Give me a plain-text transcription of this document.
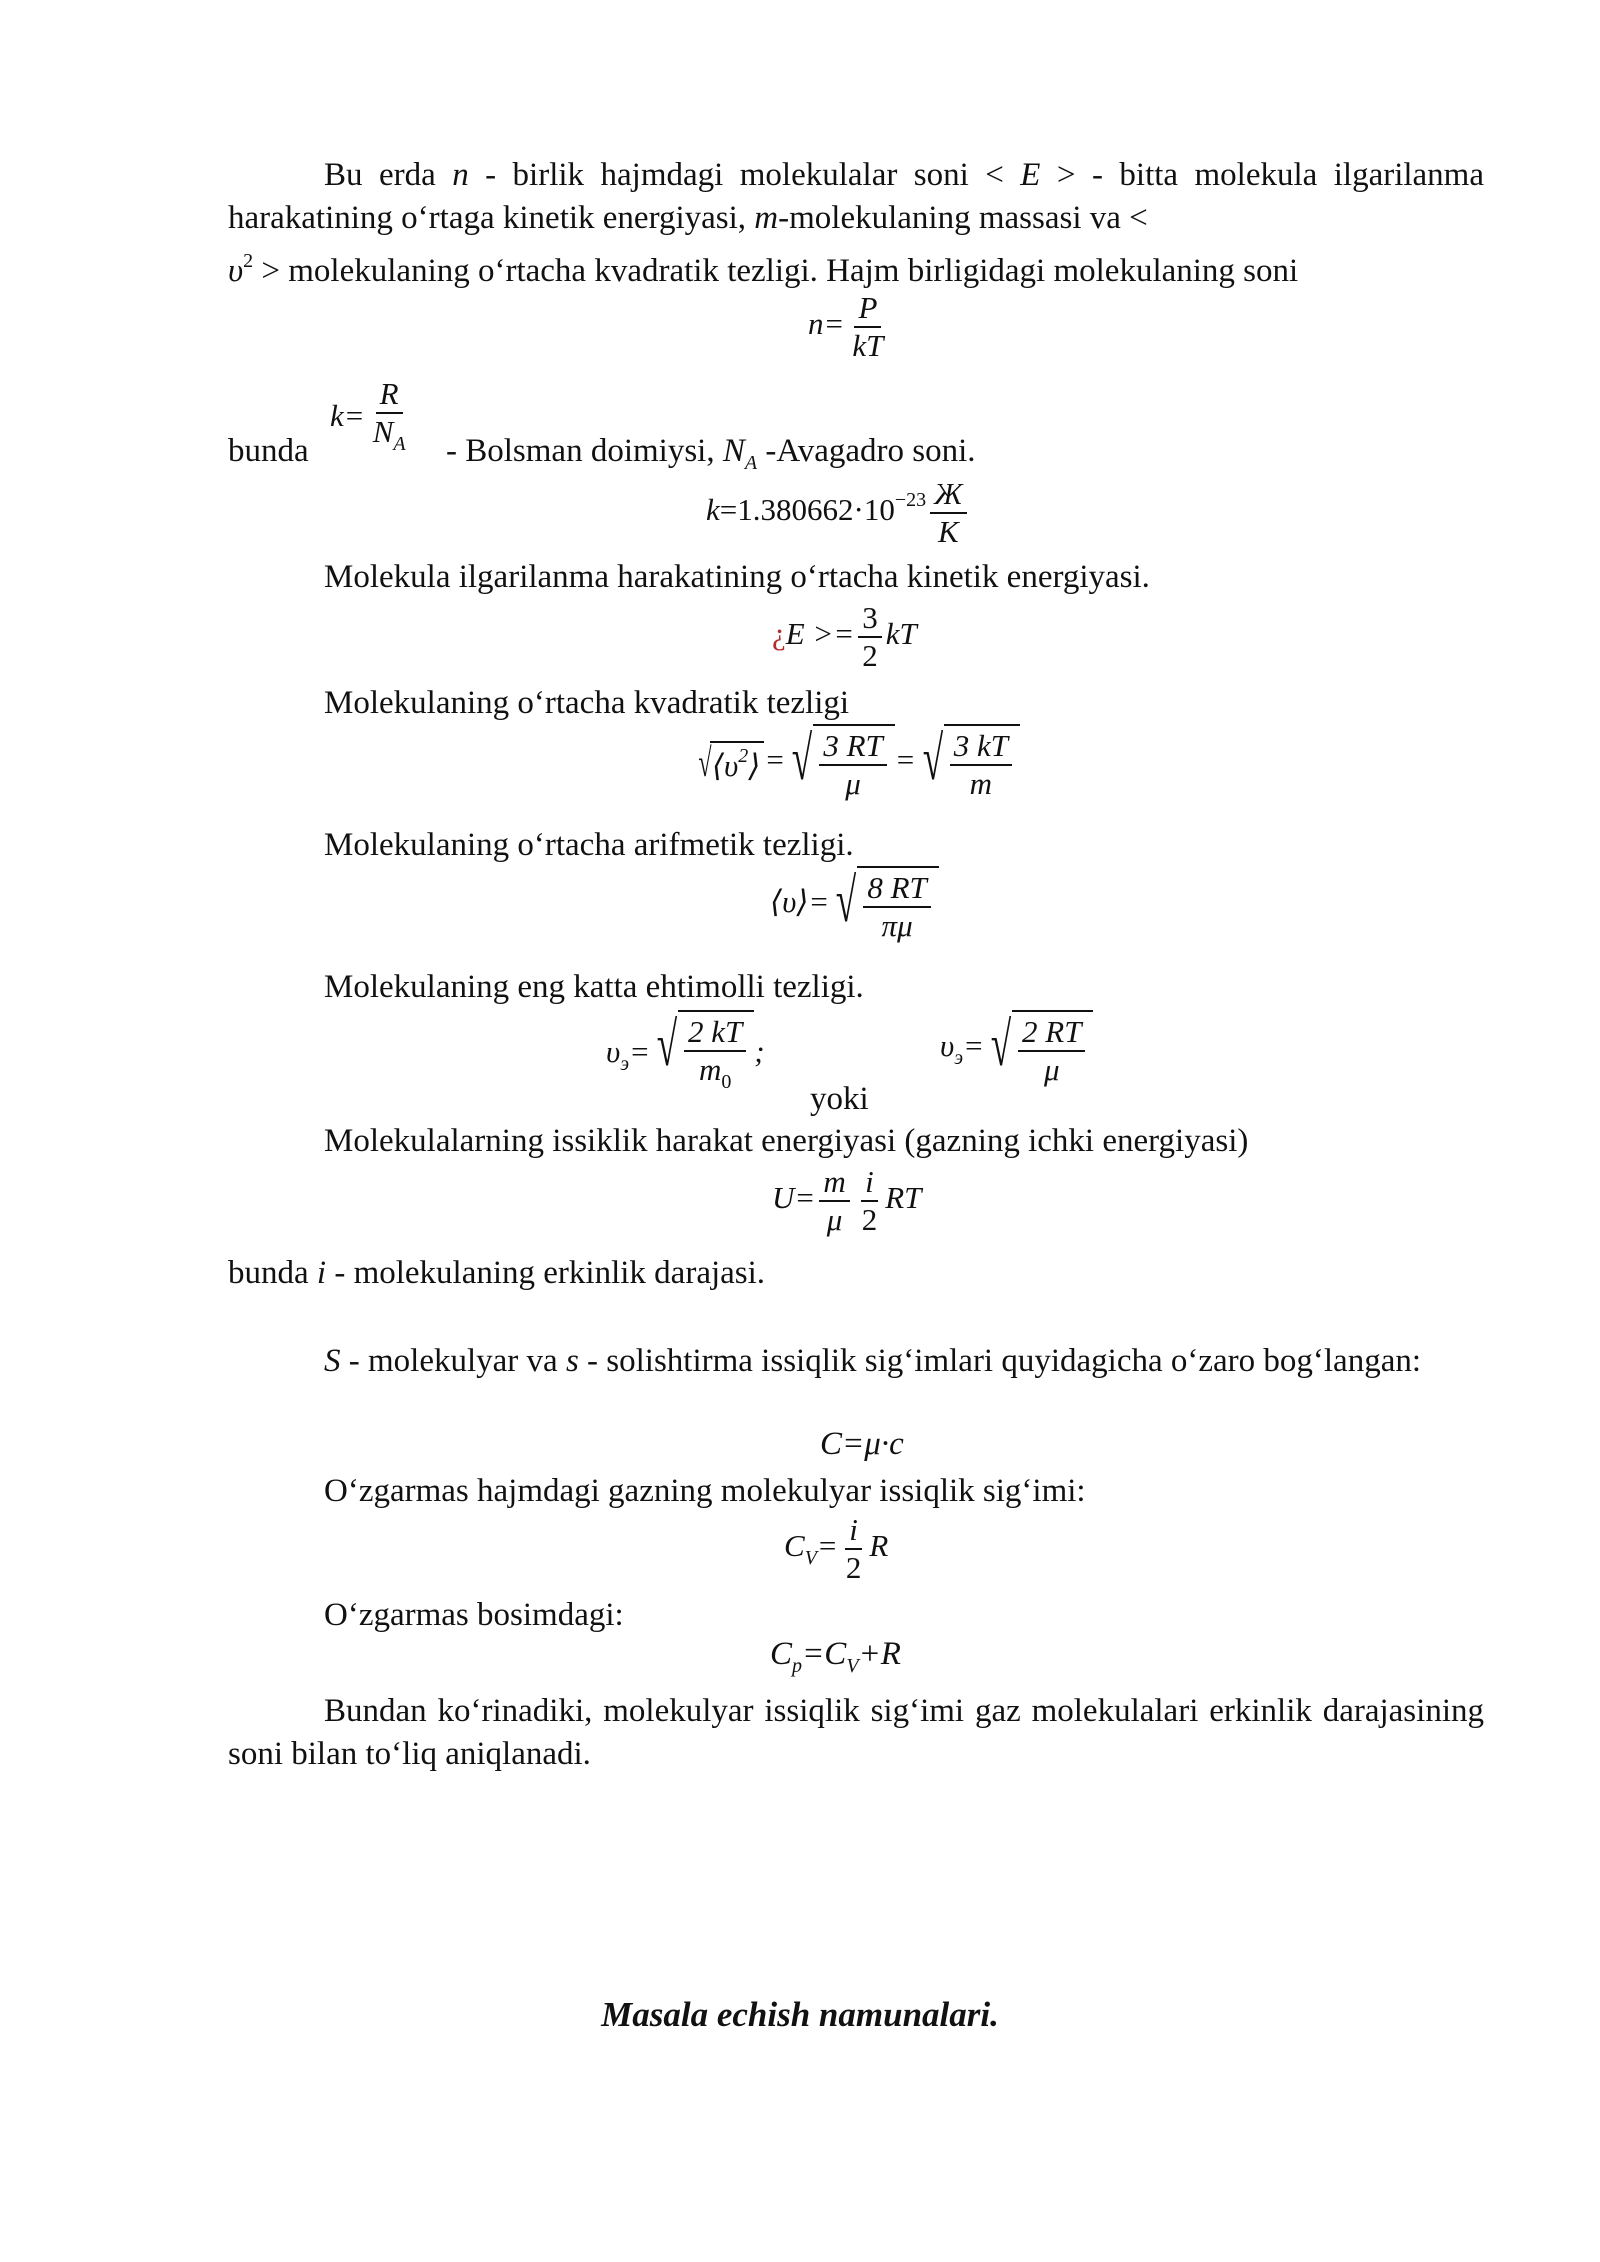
Bu erda n - birlik hajmdagi molekulalar soni < E > - bitta molekula ilgarilanma harakatining o‘rtaga kinetik energiyasi, m-molekulaning massasi va <
$\upsilon^2$ > molekulaning o‘rtacha kvadratik tezligi. Hajm birligidagi molekulaning soni
$n= \frac{P}{kT}$
bunda
$k= \frac{R}{N_A}$ - Bolsman doimiysi, $N_A$ -Avagadro soni.
$k=1.380662\cdot 10^{-23} \frac{Ж}{K}$
Molekula ilgarilanma harakatining o‘rtacha kinetik energiyasi.
¿$E >= \frac{3}{2}$ kT
Molekulaning o‘rtacha kvadratik tezligi
√ $⟨\upsilon^2⟩$ = √ $\frac{3 RT}{\mu}$ = √ $\frac{3 kT}{m}$
Molekulaning o‘rtacha arifmetik tezligi.
⟨υ⟩= √ $\frac{8 RT}{\pi\mu}$
Molekulaning eng katta ehtimolli tezligi.
$\upsilon_э=$ √ $\frac{2 kT}{m_0}$ ;
yoki
$\upsilon_э=$ √ $\frac{2 RT}{\mu}$
Molekulalarning issiklik harakat energiyasi (gazning ichki energiyasi)
$U= \frac{m}{\mu} \frac{i}{2}$ RT
bunda i - molekulaning erkinlik darajasi.
S - molekulyar va s - solishtirma issiqlik sig‘imlari quyidagicha o‘zaro bog‘langan:
C=μ·c
O‘zgarmas hajmdagi gazning molekulyar issiqlik sig‘imi:
$C_V= \frac{i}{2}$ R
O‘zgarmas bosimdagi:
$C_p=C_V+R$
Bundan ko‘rinadiki, molekulyar issiqlik sig‘imi gaz molekulalari erkinlik darajasining soni bilan to‘liq aniqlanadi.
Masala echish namunalari.
